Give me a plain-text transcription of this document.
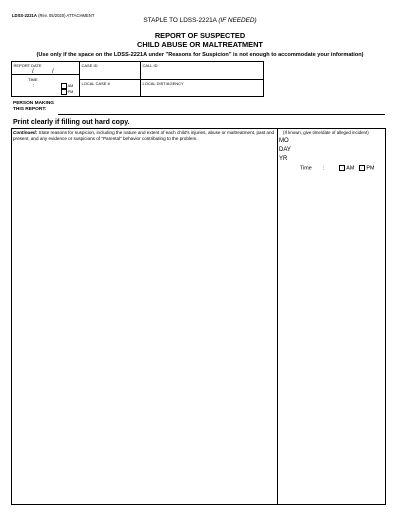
LDSS-2221A (Rev. 05/2020) ATTACHMENT
STAPLE TO LDSS-2221A (IF NEEDED)
REPORT OF SUSPECTED
CHILD ABUSE OR MALTREATMENT
(Use only if the space on the LDSS-2221A under "Reasons for Suspicion" is not enough to accommodate your information)
REPORT DATE
/	/
CASE ID	CALL ID
TIME
:	AM
PM
LOCAL CASE #	LOCAL DIST/AGENCY
PERSON MAKING
THIS REPORT:
Print clearly if filling out hard copy.
Continued: State reasons for suspicion, including the nature and extent of each child's injuries, abuse or maltreatment, past and present, and any evidence or suspicions of "Parental" behavior contributing to the problem.
(If known, give time/date of alleged incident)
MO
DAY
YR
Time :	AM PM
